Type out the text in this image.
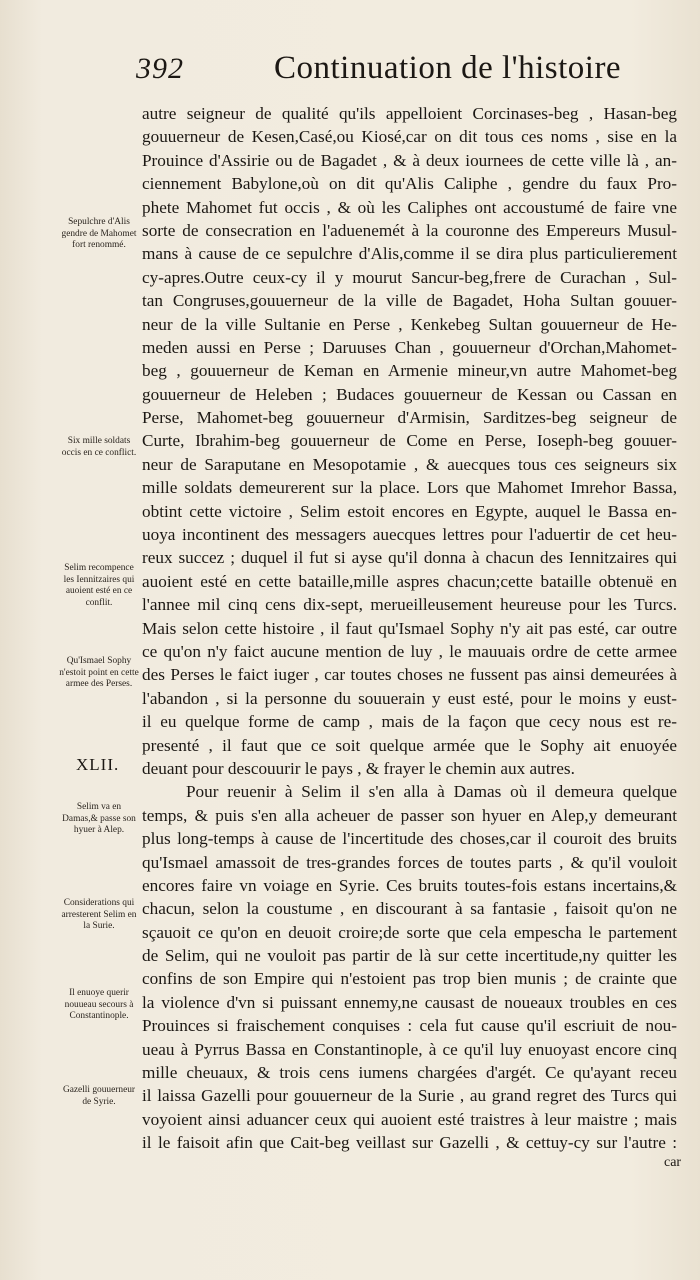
392	Continuation de l'histoire
autre seigneur de qualité qu'ils appelloient Corcinases-beg , Hasan-beg
gouuerneur de Kesen,Casé,ou Kiosé,car on dit tous ces noms , sise en la
Prouince d'Assirie ou de Bagadet , & à deux iournees de cette ville là , an-
ciennement Babylone,où on dit qu'Alis Caliphe , gendre du faux Pro-
phete Mahomet fut occis , & où les Caliphes ont accoustumé de faire vne
sorte de consecration en l'aduenemét à la couronne des Empereurs Musul-
mans à cause de ce sepulchre d'Alis,comme il se dira plus particulierement
cy-apres.Outre ceux-cy il y mourut Sancur-beg,frere de Curachan , Sul-
tan Congruses,gouuerneur de la ville de Bagadet, Hoha Sultan gouuer-
neur de la ville Sultanie en Perse , Kenkebeg Sultan gouuerneur de He-
meden aussi en Perse ; Daruuses Chan , gouuerneur d'Orchan,Mahomet-
beg , gouuerneur de Keman en Armenie mineur,vn autre Mahomet-beg
gouuerneur de Heleben ; Budaces gouuerneur de Kessan ou Cassan en
Perse, Mahomet-beg gouuerneur d'Armisin, Sarditzes-beg seigneur de
Curte, Ibrahim-beg gouuerneur de Come en Perse, Ioseph-beg gouuer-
neur de Saraputane en Mesopotamie , & auecques tous ces seigneurs six
mille soldats demeurerent sur la place. Lors que Mahomet Imrehor Bassa,
obtint cette victoire , Selim estoit encores en Egypte, auquel le Bassa en-
uoya incontinent des messagers auecques lettres pour l'aduertir de cet heu-
reux succez ; duquel il fut si ayse qu'il donna à chacun des Iennitzaires qui
auoient esté en cette bataille,mille aspres chacun;cette bataille obtenuë en
l'annee mil cinq cens dix-sept, merueilleusement heureuse pour les Turcs.
Mais selon cette histoire , il faut qu'Ismael Sophy n'y ait pas esté, car outre
ce qu'on n'y faict aucune mention de luy , le mauuais ordre de cette armee
des Perses le faict iuger , car toutes choses ne fussent pas ainsi demeurées à
l'abandon , si la personne du souuerain y eust esté, pour le moins y eust-
il eu quelque forme de camp , mais de la façon que cecy nous est re-
presenté , il faut que ce soit quelque armée que le Sophy ait enuoyée
deuant pour descouurir le pays , & frayer le chemin aux autres.
Pour reuenir à Selim il s'en alla à Damas où il demeura quelque
temps, & puis s'en alla acheuer de passer son hyuer en Alep,y demeurant
plus long-temps à cause de l'incertitude des choses,car il couroit des bruits
qu'Ismael amassoit de tres-grandes forces de toutes parts , & qu'il vouloit
encores faire vn voiage en Syrie. Ces bruits toutes-fois estans incertains,&
chacun, selon la coustume , en discourant à sa fantasie , faisoit qu'on ne
sçauoit ce qu'on en deuoit croire;de sorte que cela empescha le partement
de Selim, qui ne vouloit pas partir de là sur cette incertitude,ny quitter les
confins de son Empire qui n'estoient pas trop bien munis ; de crainte que
la violence d'vn si puissant ennemy,ne causast de noueaux troubles en ces
Prouinces si fraischement conquises : cela fut cause qu'il escriuit de nou-
ueau à Pyrrus Bassa en Constantinople, à ce qu'il luy enuoyast encore cinq
mille cheuaux, & trois cens iumens chargées d'argét. Ce qu'ayant receu
il laissa Gazelli pour gouuerneur de la Surie , au grand regret des Turcs qui
voyoient ainsi aduancer ceux qui auoient esté traistres à leur maistre ; mais
il le faisoit afin que Cait-beg veillast sur Gazelli , & cettuy-cy sur l'autre :
XLII.
Sepulchre d'Alis gendre de Mahomet fort renommé.
Six mille soldats occis en ce conflict.
Selim recompence les Iennitzaires qui auoient esté en ce conflit.
Qu'Ismael Sophy n'estoit point en cette armee des Perses.
Selim va en Damas,& passe son hyuer à Alep.
Considerations qui arresterent Selim en la Surie.
Il enuoye querir nouueau secours à Constantinople.
Gazelli gouuerneur de Syrie.
car
